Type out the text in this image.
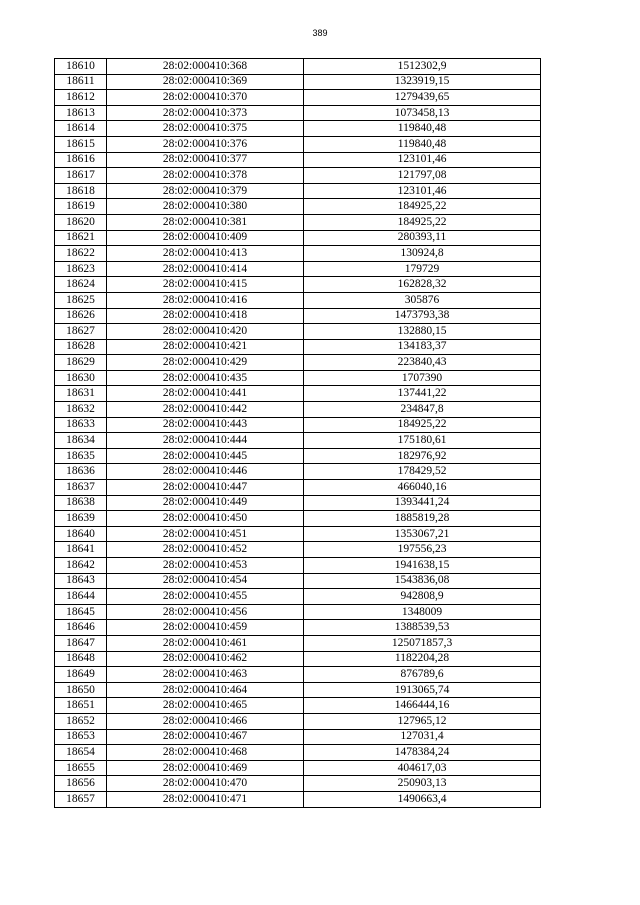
389
18610	28:02:000410:368	1512302,9
18611	28:02:000410:369	1323919,15
18612	28:02:000410:370	1279439,65
18613	28:02:000410:373	1073458,13
18614	28:02:000410:375	119840,48
18615	28:02:000410:376	119840,48
18616	28:02:000410:377	123101,46
18617	28:02:000410:378	121797,08
18618	28:02:000410:379	123101,46
18619	28:02:000410:380	184925,22
18620	28:02:000410:381	184925,22
18621	28:02:000410:409	280393,11
18622	28:02:000410:413	130924,8
18623	28:02:000410:414	179729
18624	28:02:000410:415	162828,32
18625	28:02:000410:416	305876
18626	28:02:000410:418	1473793,38
18627	28:02:000410:420	132880,15
18628	28:02:000410:421	134183,37
18629	28:02:000410:429	223840,43
18630	28:02:000410:435	1707390
18631	28:02:000410:441	137441,22
18632	28:02:000410:442	234847,8
18633	28:02:000410:443	184925,22
18634	28:02:000410:444	175180,61
18635	28:02:000410:445	182976,92
18636	28:02:000410:446	178429,52
18637	28:02:000410:447	466040,16
18638	28:02:000410:449	1393441,24
18639	28:02:000410:450	1885819,28
18640	28:02:000410:451	1353067,21
18641	28:02:000410:452	197556,23
18642	28:02:000410:453	1941638,15
18643	28:02:000410:454	1543836,08
18644	28:02:000410:455	942808,9
18645	28:02:000410:456	1348009
18646	28:02:000410:459	1388539,53
18647	28:02:000410:461	125071857,3
18648	28:02:000410:462	1182204,28
18649	28:02:000410:463	876789,6
18650	28:02:000410:464	1913065,74
18651	28:02:000410:465	1466444,16
18652	28:02:000410:466	127965,12
18653	28:02:000410:467	127031,4
18654	28:02:000410:468	1478384,24
18655	28:02:000410:469	404617,03
18656	28:02:000410:470	250903,13
18657	28:02:000410:471	1490663,4
